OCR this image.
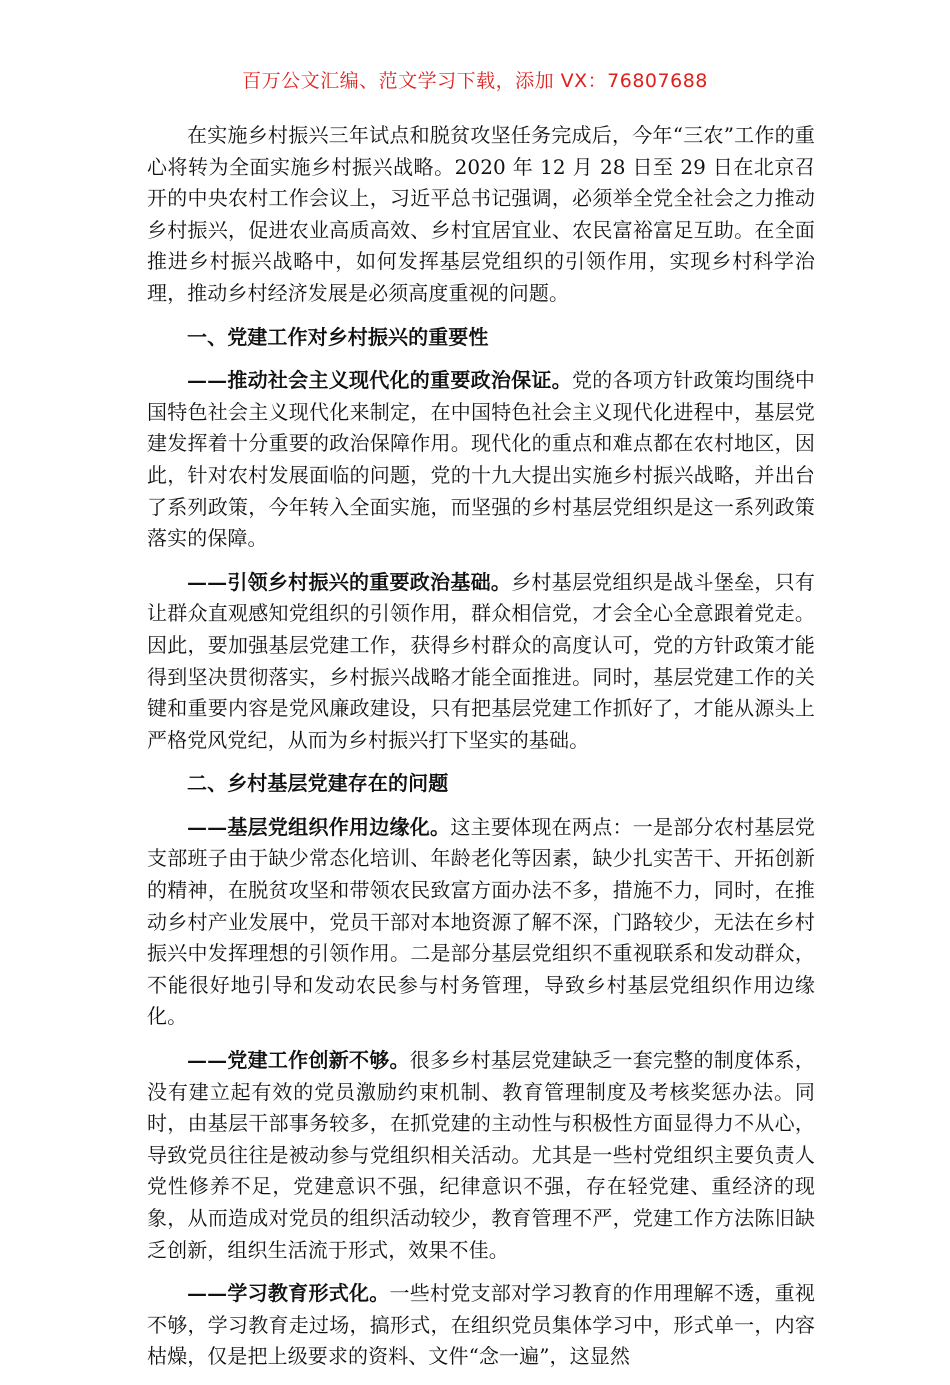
百万公文汇编、范文学习下载，添加 VX：76807688

在实施乡村振兴三年试点和脱贫攻坚任务完成后，今年“三农”工作的重心将转为全面实施乡村振兴战略。2020 年 12 月 28 日至 29 日在北京召开的中央农村工作会议上，习近平总书记强调，必须举全党全社会之力推动乡村振兴，促进农业高质高效、乡村宜居宜业、农民富裕富足互助。在全面推进乡村振兴战略中，如何发挥基层党组织的引领作用，实现乡村科学治理，推动乡村经济发展是必须高度重视的问题。

一、党建工作对乡村振兴的重要性

——推动社会主义现代化的重要政治保证。党的各项方针政策均围绕中国特色社会主义现代化来制定，在中国特色社会主义现代化进程中，基层党建发挥着十分重要的政治保障作用。现代化的重点和难点都在农村地区，因此，针对农村发展面临的问题，党的十九大提出实施乡村振兴战略，并出台了系列政策，今年转入全面实施，而坚强的乡村基层党组织是这一系列政策落实的保障。

——引领乡村振兴的重要政治基础。乡村基层党组织是战斗堡垒，只有让群众直观感知党组织的引领作用，群众相信党，才会全心全意跟着党走。因此，要加强基层党建工作，获得乡村群众的高度认可，党的方针政策才能得到坚决贯彻落实，乡村振兴战略才能全面推进。同时，基层党建工作的关键和重要内容是党风廉政建设，只有把基层党建工作抓好了，才能从源头上严格党风党纪，从而为乡村振兴打下坚实的基础。

二、乡村基层党建存在的问题

——基层党组织作用边缘化。这主要体现在两点：一是部分农村基层党支部班子由于缺少常态化培训、年龄老化等因素，缺少扎实苦干、开拓创新的精神，在脱贫攻坚和带领农民致富方面办法不多，措施不力，同时，在推动乡村产业发展中，党员干部对本地资源了解不深，门路较少，无法在乡村振兴中发挥理想的引领作用。二是部分基层党组织不重视联系和发动群众，不能很好地引导和发动农民参与村务管理，导致乡村基层党组织作用边缘化。

——党建工作创新不够。很多乡村基层党建缺乏一套完整的制度体系，没有建立起有效的党员激励约束机制、教育管理制度及考核奖惩办法。同时，由基层干部事务较多，在抓党建的主动性与积极性方面显得力不从心，导致党员往往是被动参与党组织相关活动。尤其是一些村党组织主要负责人党性修养不足，党建意识不强，纪律意识不强，存在轻党建、重经济的现象，从而造成对党员的组织活动较少，教育管理不严，党建工作方法陈旧缺乏创新，组织生活流于形式，效果不佳。

——学习教育形式化。一些村党支部对学习教育的作用理解不透，重视不够，学习教育走过场，搞形式，在组织党员集体学习中，形式单一，内容枯燥，仅是把上级要求的资料、文件“念一遍”，这显然
